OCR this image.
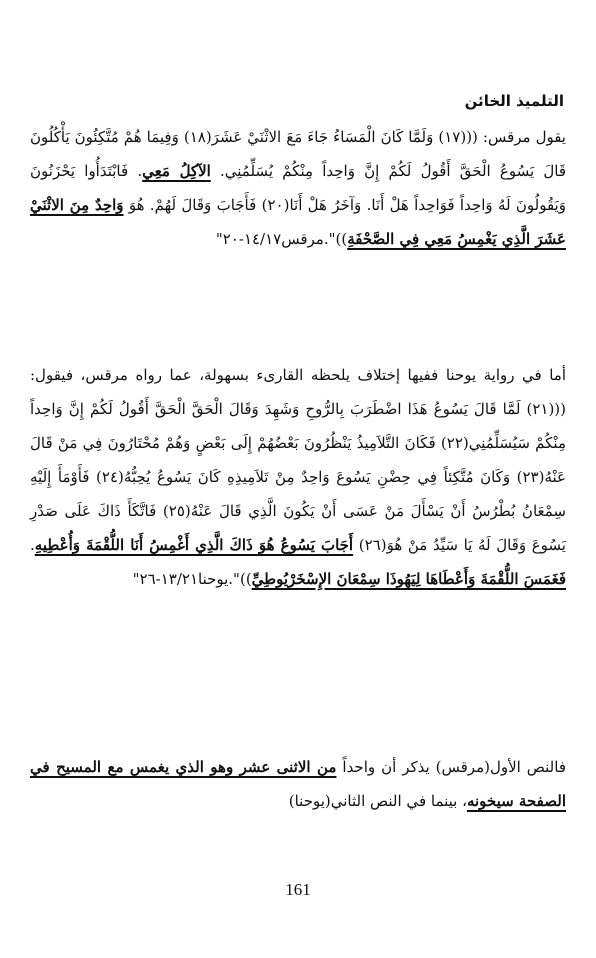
التلميذ الخائن

يقول مرقس: (((١٧) وَلَمَّا كَانَ الْمَسَاءُ جَاءَ مَعَ الاثْنَيْ عَشَرَ(١٨) وَفِيمَا هُمْ مُتَّكِئُونَ يَأْكُلُونَ قَالَ يَسُوعُ الْحَقَّ أَقُولُ لَكُمْ إِنَّ وَاحِداً مِنْكُمْ يُسَلِّمُنِي. الآكِلُ مَعِي. فَابْتَدَأُوا يَحْزَنُونَ وَيَقُولُونَ لَهُ وَاحِداً فَوَاحِداً هَلْ أَنَا. وَآخَرُ هَلْ أَنَا(٢٠) فَأَجَابَ وَقَالَ لَهُمْ. هُوَ وَاحِدٌ مِنَ الاثْنَيْ عَشَرَ الَّذِي يَغْمِسُ مَعِي فِي الصَّحْفَةِ))".مرقس١٤/١٧-٢٠"

أما في رواية يوحنا ففيها إختلاف يلحظه القارىء بسهولة، عما رواه مرقس، فيقول: (((٢١) لَمَّا قَالَ يَسُوعُ هَذَا اضْطَرَبَ بِالرُّوحِ وَشَهِدَ وَقَالَ الْحَقَّ الْحَقَّ أَقُولُ لَكُمْ إِنَّ وَاحِداً مِنْكُمْ سَيُسَلِّمُنِي(٢٢) فَكَانَ التَّلاَمِيذُ يَنْظُرُونَ بَعْضُهُمْ إِلَى بَعْضٍ وَهُمْ مُحْتَارُونَ فِي مَنْ قَالَ عَنْهُ(٢٣) وَكَانَ مُتَّكِئاً فِي حِضْنِ يَسُوعَ وَاحِدٌ مِنْ تَلاَمِيذِهِ كَانَ يَسُوعُ يُحِبُّهُ(٢٤) فَأَوْمَأَ إِلَيْهِ سِمْعَانُ بُطْرُسُ أَنْ يَسْأَلَ مَنْ عَسَى أَنْ يَكُونَ الَّذِي قَالَ عَنْهُ(٢٥) فَاتَّكَأَ ذَاكَ عَلَى صَدْرِ يَسُوعَ وَقَالَ لَهُ يَا سَيِّدُ مَنْ هُوَ(٢٦) أَجَابَ يَسُوعُ هُوَ ذَاكَ الَّذِي أَغْمِسُ أَنَا اللُّقْمَةَ وَأُعْطِيهِ. فَغَمَسَ اللُّقْمَةَ وَأَعْطَاهَا لِيَهُوذَا سِمْعَانَ الإِسْخَرْيُوطِيِّ))".يوحنا١٣/٢١-٢٦"

فالنص الأول(مرقس) يذكر أن واحداً من الاثنى عشر وهو الذي يغمس مع المسيح في الصفحة سيخونه، بينما في النص الثاني(يوحنا)

161
